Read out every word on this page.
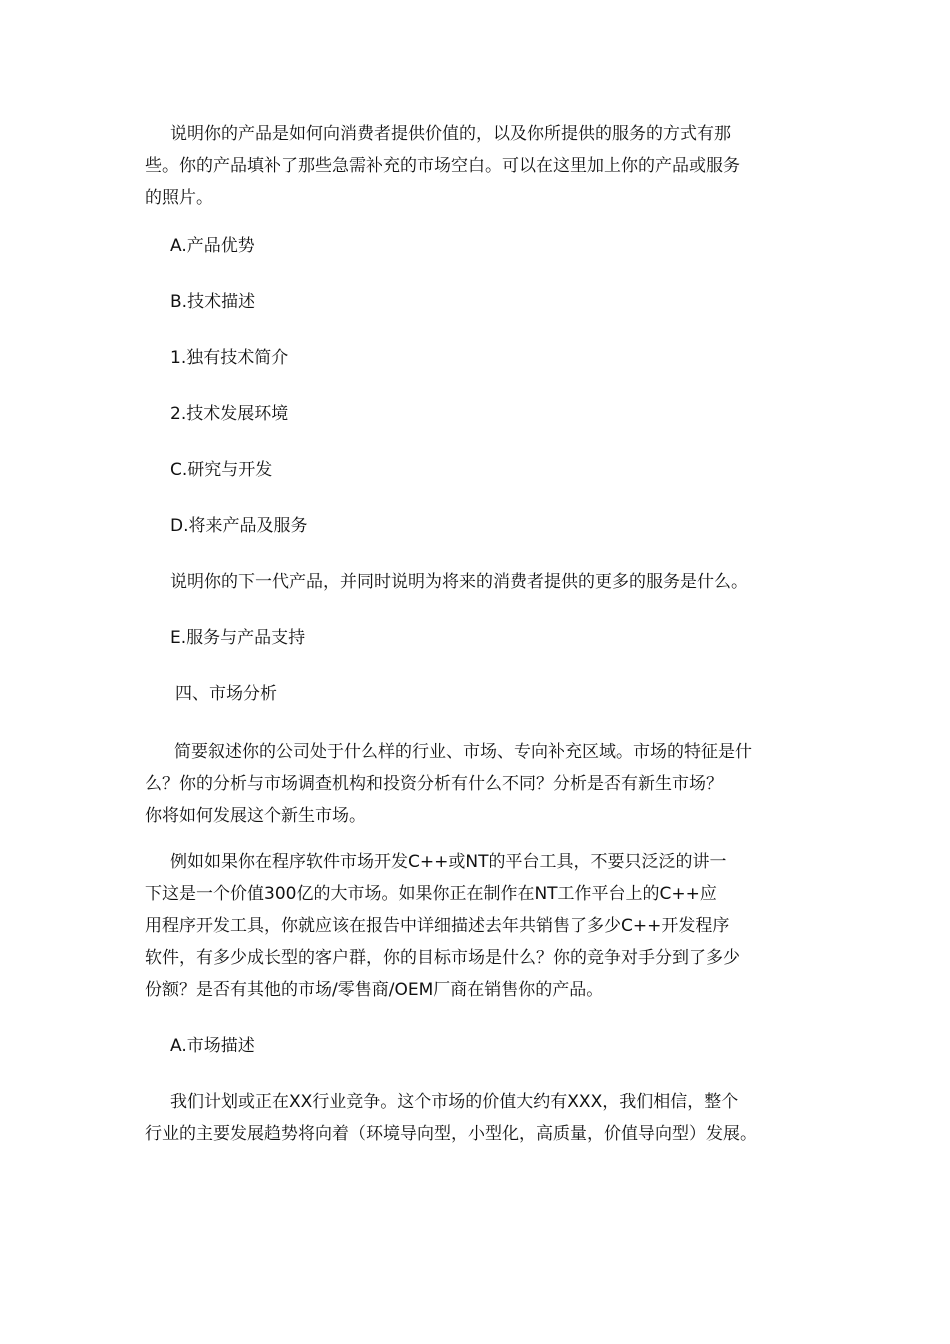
说明你的产品是如何向消费者提供价值的，以及你所提供的服务的方式有那
些。你的产品填补了那些急需补充的市场空白。可以在这里加上你的产品或服务
的照片。

A.产品优势

B.技术描述

1.独有技术简介

2.技术发展环境

C.研究与开发

D.将来产品及服务

说明你的下一代产品，并同时说明为将来的消费者提供的更多的服务是什么。

E.服务与产品支持

四、市场分析

简要叙述你的公司处于什么样的行业、市场、专向补充区域。市场的特征是什
么？你的分析与市场调查机构和投资分析有什么不同？分析是否有新生市场？
你将如何发展这个新生市场。

例如如果你在程序软件市场开发C++或NT的平台工具，不要只泛泛的讲一
下这是一个价值300亿的大市场。如果你正在制作在NT工作平台上的C++应
用程序开发工具，你就应该在报告中详细描述去年共销售了多少C++开发程序
软件，有多少成长型的客户群，你的目标市场是什么？你的竞争对手分到了多少
份额？是否有其他的市场/零售商/OEM厂商在销售你的产品。

A.市场描述

我们计划或正在XX行业竞争。这个市场的价值大约有XXX，我们相信，整个
行业的主要发展趋势将向着（环境导向型，小型化，高质量，价值导向型）发展。
